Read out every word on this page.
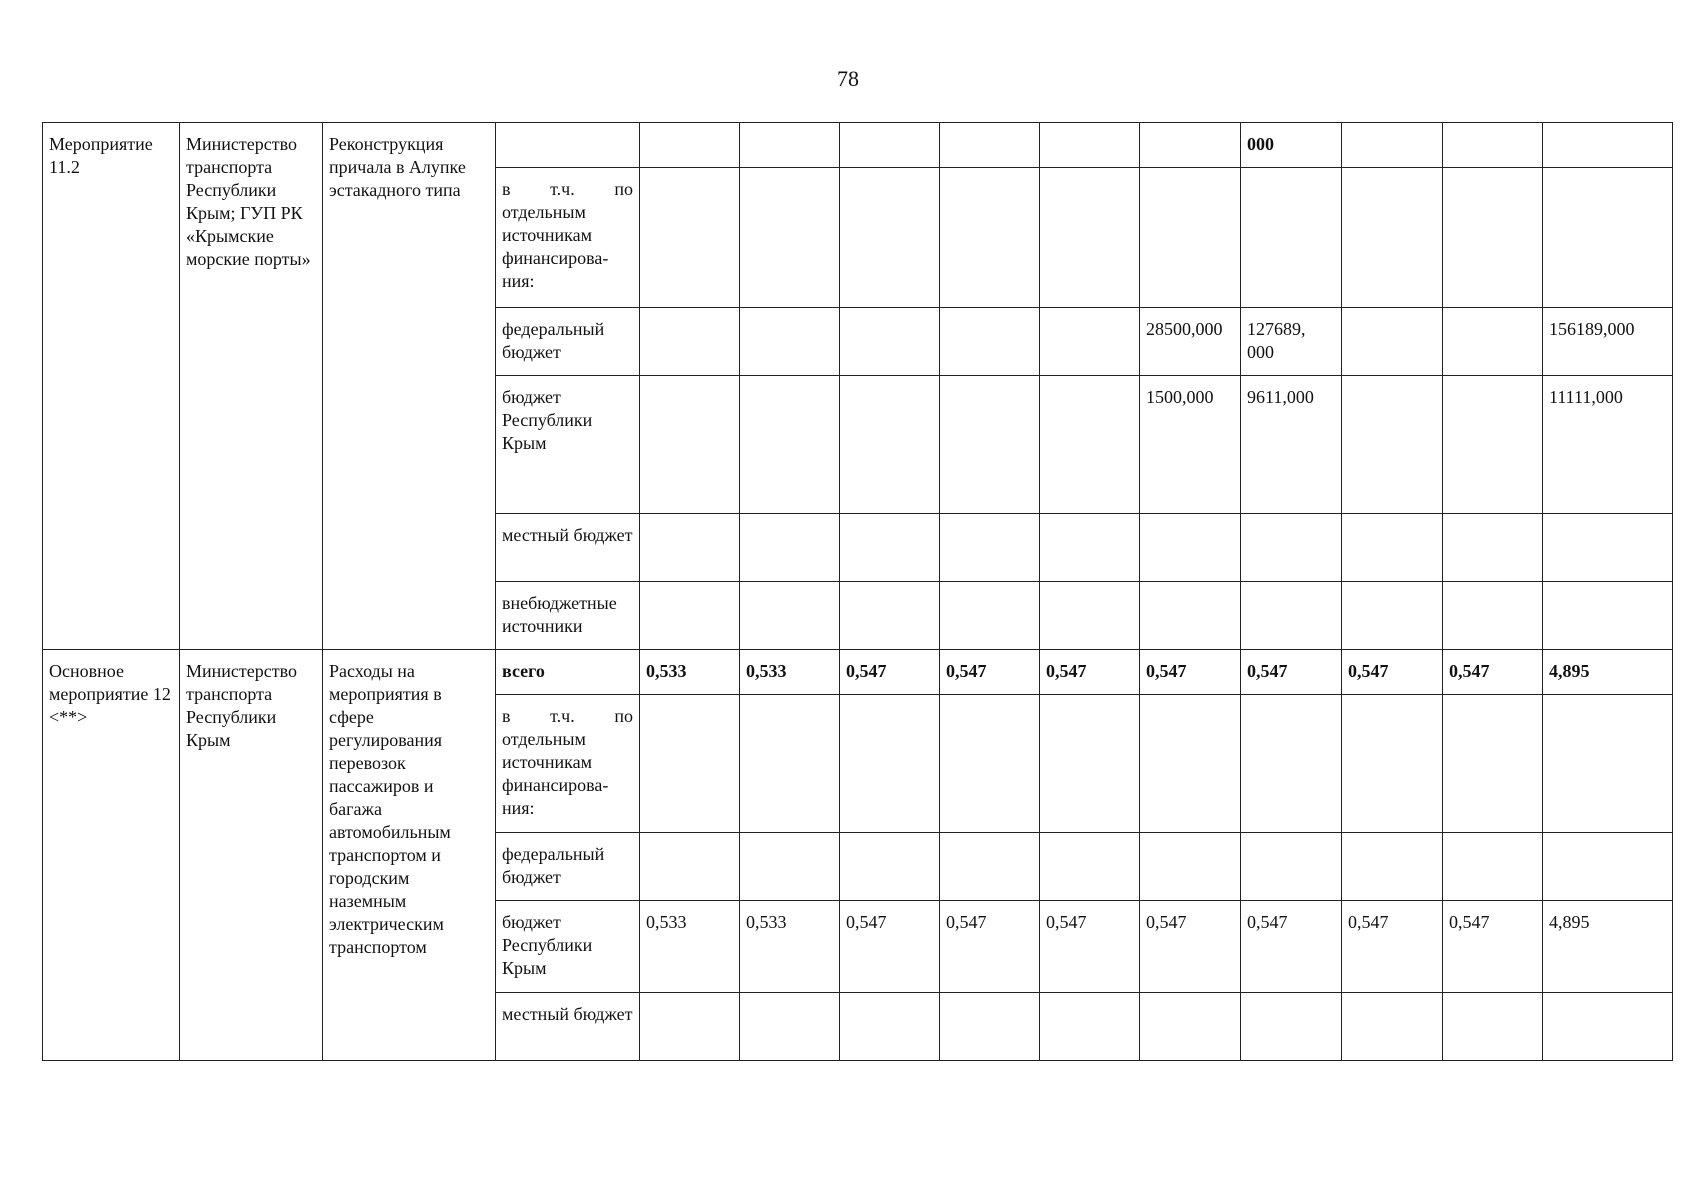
78
Мероприятие 11.2	Министерство транспорта Республики Крым; ГУП РК «Крымские морские порты»	Реконструкция причала в Алупке эстакадного типа								000			

			в т.ч. по
отдельным источникам финансирова-ния:										

			федеральный бюджет						28500,000	127689, 000			156189,000
			бюджет Республики Крым						1500,000	9611,000			11111,000
			местный бюджет										
			внебюджетные источники										
Основное мероприятие 12 <**>	Министерство транспорта Республики Крым	Расходы на мероприятия в сфере регулирования перевозок пассажиров и багажа автомобильным транспортом и городским наземным электрическим транспортом	всего	0,533	0,533	0,547	0,547	0,547	0,547	0,547	0,547	0,547	4,895

			в т.ч. по
отдельным источникам финансирова-ния:										

			федеральный бюджет										
			бюджет Республики Крым	0,533	0,533	0,547	0,547	0,547	0,547	0,547	0,547	0,547	4,895
			местный бюджет										
